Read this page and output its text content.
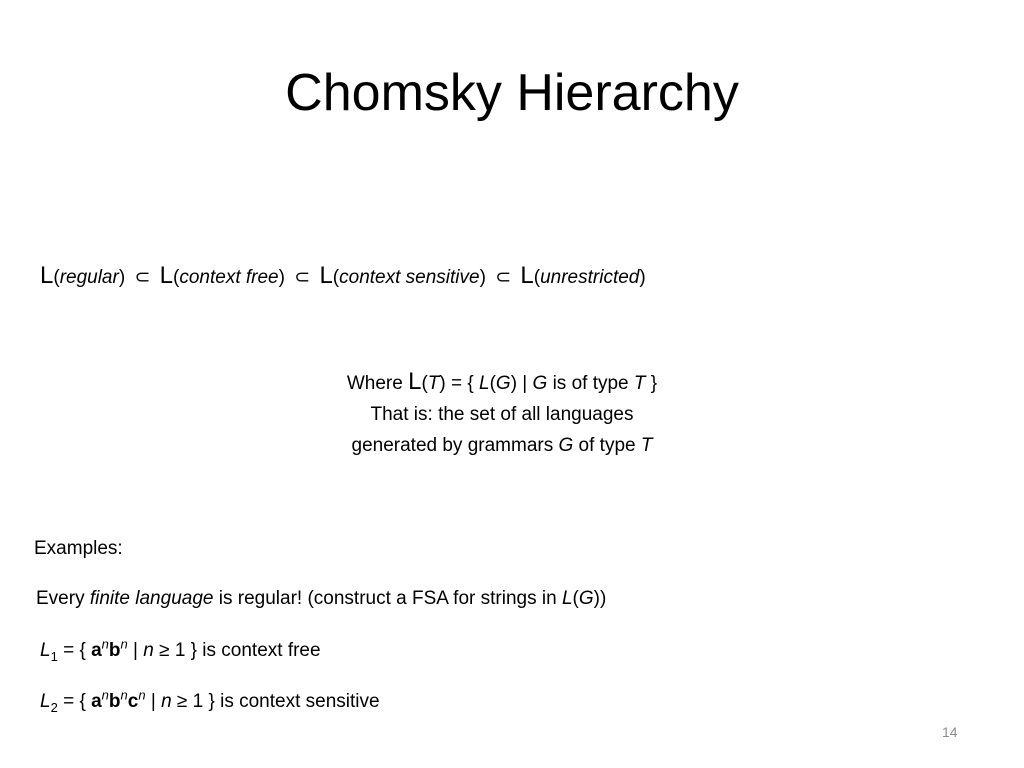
Chomsky Hierarchy
L(regular) ⊂ L(context free) ⊂ L(context sensitive) ⊂ L(unrestricted)
Where L(T) = { L(G) | G is of type T }
That is: the set of all languages
generated by grammars G of type T
Examples:
Every finite language is regular! (construct a FSA for strings in L(G))
$L_1$ = { $a^nb^n$ | n ≥ 1 } is context free
$L_2$ = { $a^nb^nc^n$ | n ≥ 1 } is context sensitive
14
